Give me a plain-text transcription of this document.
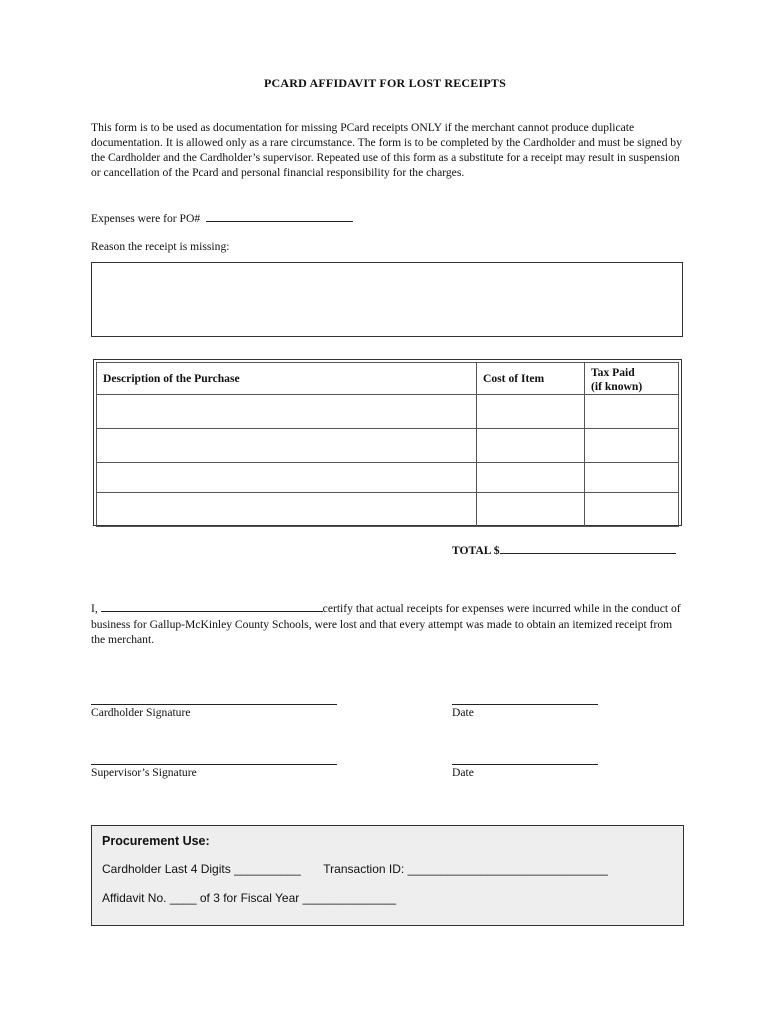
PCARD AFFIDAVIT FOR LOST RECEIPTS
This form is to be used as documentation for missing PCard receipts ONLY if the merchant cannot produce duplicate documentation. It is allowed only as a rare circumstance. The form is to be completed by the Cardholder and must be signed by the Cardholder and the Cardholder’s supervisor. Repeated use of this form as a substitute for a receipt may result in suspension or cancellation of the Pcard and personal financial responsibility for the charges.
Expenses were for PO#
Reason the receipt is missing:
Description of the Purchase	Cost of Item	Tax Paid
(if known)

TOTAL $
I,	certify that actual receipts for expenses were incurred while in the conduct of business for Gallup-McKinley County Schools, were lost and that every attempt was made to obtain an itemized receipt from the merchant.
Cardholder Signature	Date
Supervisor’s Signature	Date
Procurement Use:
Cardholder Last 4 Digits __________ Transaction ID: ______________________________
Affidavit No. ____ of 3 for Fiscal Year ______________
